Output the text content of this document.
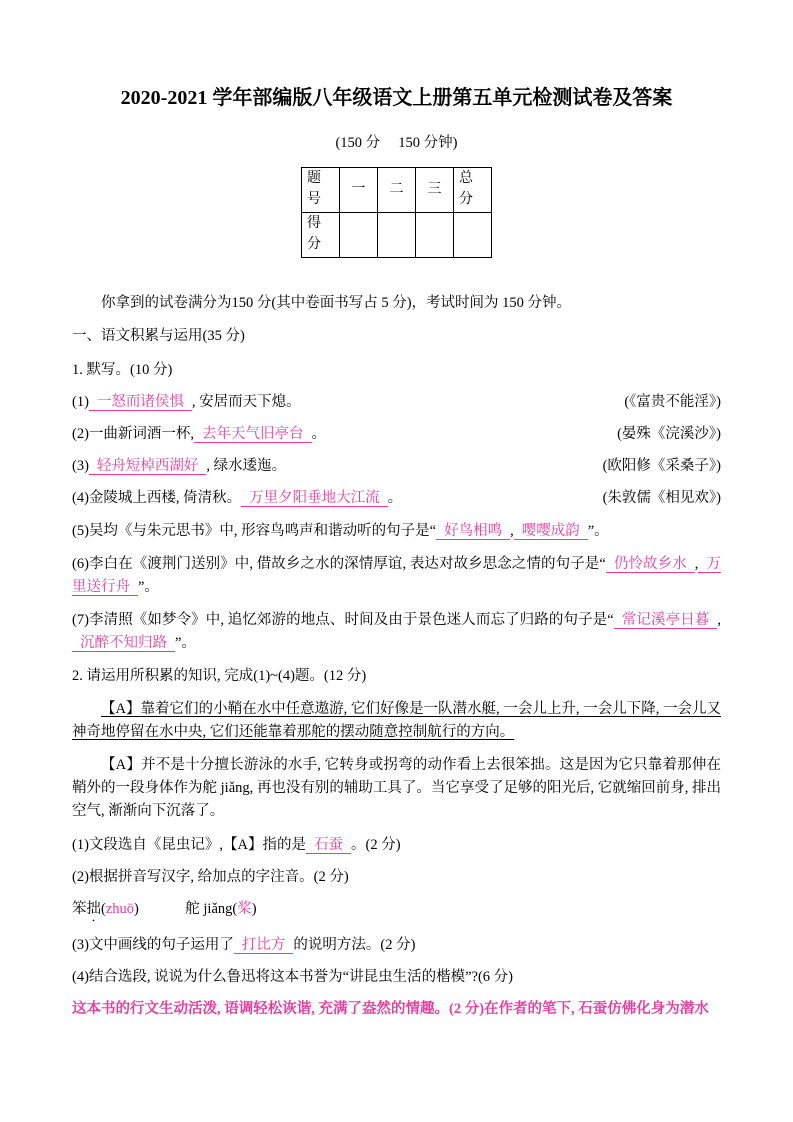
2020-2021 学年部编版八年级语文上册第五单元检测试卷及答案

(150 分　 150 分钟)

题号	一	二	三	总分
得分				

你拿到的试卷满分为150 分(其中卷面书写占 5 分)，考试时间为 150 分钟。

一、语文积累与运用(35 分)

1. 默写。(10 分)

(1) 一怒而诸侯惧 , 安居而天下熄。	(《富贵不能淫》)

(2)一曲新词酒一杯, 去年天气旧亭台 。	(晏殊《浣溪沙》)

(3) 轻舟短棹西湖好 , 绿水逶迤。	(欧阳修《采桑子》)

(4)金陵城上西楼, 倚清秋。 万里夕阳垂地大江流 。	(朱敦儒《相见欢》)

(5)吴均《与朱元思书》中, 形容鸟鸣声和谐动听的句子是“ 好鸟相鸣 , 嘤嘤成韵 ”。

(6)李白在《渡荆门送别》中, 借故乡之水的深情厚谊, 表达对故乡思念之情的句子是“ 仍怜故乡水 , 万里送行舟 ”。

(7)李清照《如梦令》中, 追忆郊游的地点、时间及由于景色迷人而忘了归路的句子是“ 常记溪亭日暮 ,沉醉不知归路 ”。

2. 请运用所积累的知识, 完成(1)~(4)题。(12 分)

【A】靠着它们的小鞘在水中任意遨游, 它们好像是一队潜水艇, 一会儿上升, 一会儿下降, 一会儿又神奇地停留在水中央, 它们还能靠着那舵的摆动随意控制航行的方向。

【A】并不是十分擅长游泳的水手, 它转身或拐弯的动作看上去很笨拙。这是因为它只靠着那伸在鞘外的一段身体作为舵 jiǎng, 再也没有别的辅助工具了。当它享受了足够的阳光后, 它就缩回前身, 排出空气, 渐渐向下沉落了。

(1)文段选自《昆虫记》,【A】指的是 石蚕 。(2 分)

(2)根据拼音写汉字, 给加点的字注音。(2 分)

笨拙(zhuō)	舵 jiǎng(桨)

(3)文中画线的句子运用了 打比方 的说明方法。(2 分)

(4)结合选段, 说说为什么鲁迅将这本书誉为“讲昆虫生活的楷模”?(6 分)

这本书的行文生动活泼, 语调轻松诙谐, 充满了盎然的情趣。(2 分)在作者的笔下, 石蚕仿佛化身为潜水
